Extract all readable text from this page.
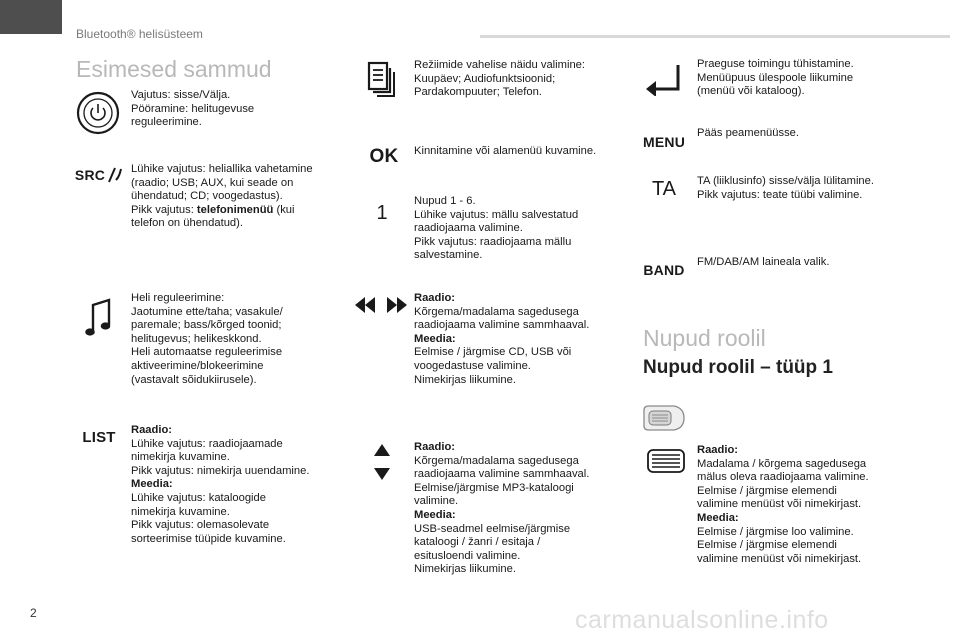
Bluetooth® helisüsteem
Esimesed sammud
Nupud roolil
Nupud roolil – tüüp 1
Vajutus: sisse/Välja.
Pööramine: helitugevuse
reguleerimine.
SRC Lühike vajutus: heliallika vahetamine
(raadio; USB; AUX, kui seade on
ühendatud; CD; voogedastus).
Pikk vajutus: telefonimenüü (kui
telefon on ühendatud).
Heli reguleerimine:
Jaotumine ette/taha; vasakule/
paremale; bass/kõrged toonid;
helitugevus; helikeskkond.
Heli automaatse reguleerimise
aktiveerimine/blokeerimine
(vastavalt sõidukiirusele).
LIST Raadio:
Lühike vajutus: raadiojaamade
nimekirja kuvamine.
Pikk vajutus: nimekirja uuendamine.
Meedia:
Lühike vajutus: kataloogide
nimekirja kuvamine.
Pikk vajutus: olemasolevate
sorteerimise tüüpide kuvamine.
Režiimide vahelise näidu valimine:
Kuupäev; Audiofunktsioonid;
Pardakompuuter; Telefon.
OK Kinnitamine või alamenüü kuvamine.
1
Nupud 1 - 6.
Lühike vajutus: mällu salvestatud
raadiojaama valimine.
Pikk vajutus: raadiojaama mällu
salvestamine.
Raadio:
Kõrgema/madalama sagedusega
raadiojaama valimine sammhaaval.
Meedia:
Eelmise / järgmise CD, USB või
voogedastuse valimine.
Nimekirjas liikumine.
Raadio:
Kõrgema/madalama sagedusega
raadiojaama valimine sammhaaval.
Eelmise/järgmise MP3-kataloogi
valimine.
Meedia:
USB-seadmel eelmise/järgmise
kataloogi / žanri / esitaja /
esitusloendi valimine.
Nimekirjas liikumine.
Praeguse toimingu tühistamine.
Menüüpuus ülespoole liikumine
(menüü või kataloog).
MENU
Pääs peamenüüsse.
TA TA (liiklusinfo) sisse/välja lülitamine.
Pikk vajutus: teate tüübi valimine.
BAND FM/DAB/AM laineala valik.
Raadio:
Madalama / kõrgema sagedusega
mälus oleva raadiojaama valimine.
Eelmise / järgmise elemendi
valimine menüüst või nimekirjast.
Meedia:
Eelmise / järgmise loo valimine.
Eelmise / järgmise elemendi
valimine menüüst või nimekirjast.
2	carmanualsonline.info
